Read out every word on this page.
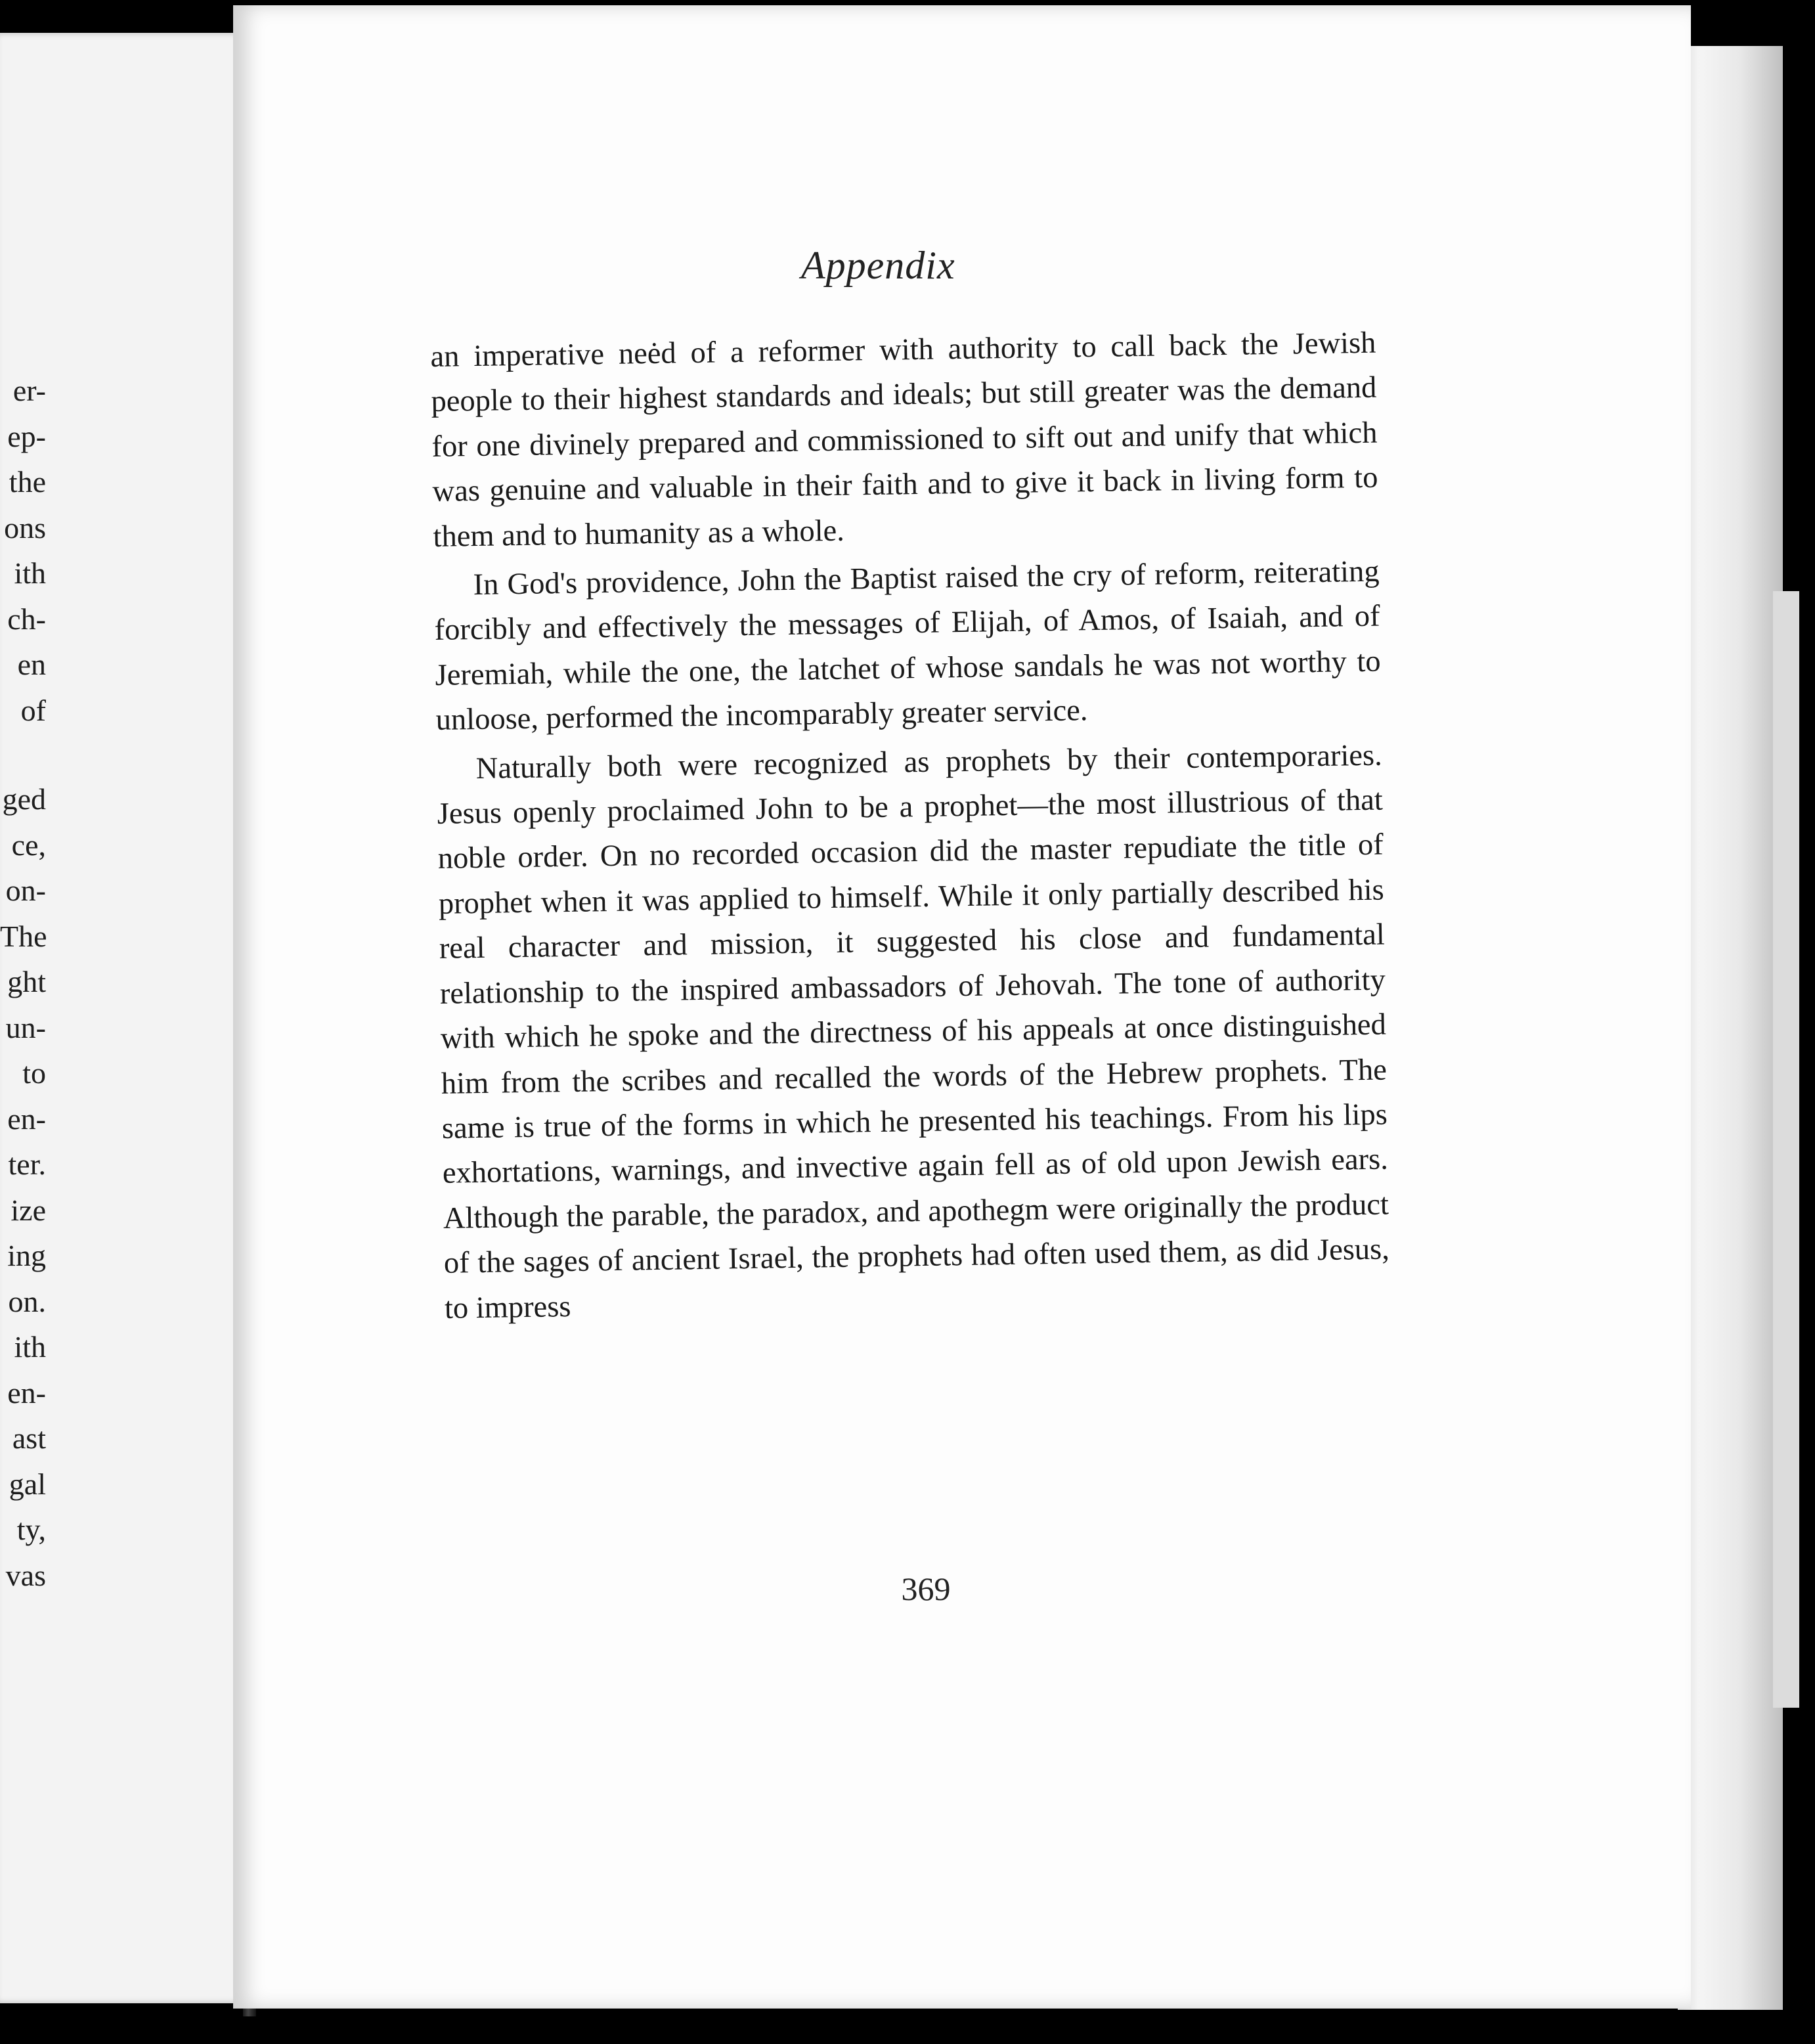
er-
ep-
the
ons
ith
ch-
en
of
ged
ce,
on-
The
ght
un-
to
en-
ter.
ize
ing
on.
ith
en-
ast
gal
ty,
vas
Appendix

an imperative neėd of a reformer with authority to call back the Jewish people to their highest standards and ideals; but still greater was the demand for one divinely prepared and commissioned to sift out and unify that which was genuine and valuable in their faith and to give it back in living form to them and to humanity as a whole.

In God's providence, John the Baptist raised the cry of reform, reiterating forcibly and effectively the messages of Elijah, of Amos, of Isaiah, and of Jeremiah, while the one, the latchet of whose sandals he was not worthy to unloose, performed the incomparably greater service.

Naturally both were recognized as prophets by their contemporaries. Jesus openly proclaimed John to be a prophet—the most illustrious of that noble order. On no recorded occasion did the master repudiate the title of prophet when it was applied to himself. While it only partially described his real character and mission, it suggested his close and fundamental relationship to the inspired ambassadors of Jehovah. The tone of authority with which he spoke and the directness of his appeals at once distinguished him from the scribes and recalled the words of the Hebrew prophets. The same is true of the forms in which he presented his teachings. From his lips exhortations, warnings, and invective again fell as of old upon Jewish ears. Although the parable, the paradox, and apothegm were originally the product of the sages of ancient Israel, the prophets had often used them, as did Jesus, to impress

369
